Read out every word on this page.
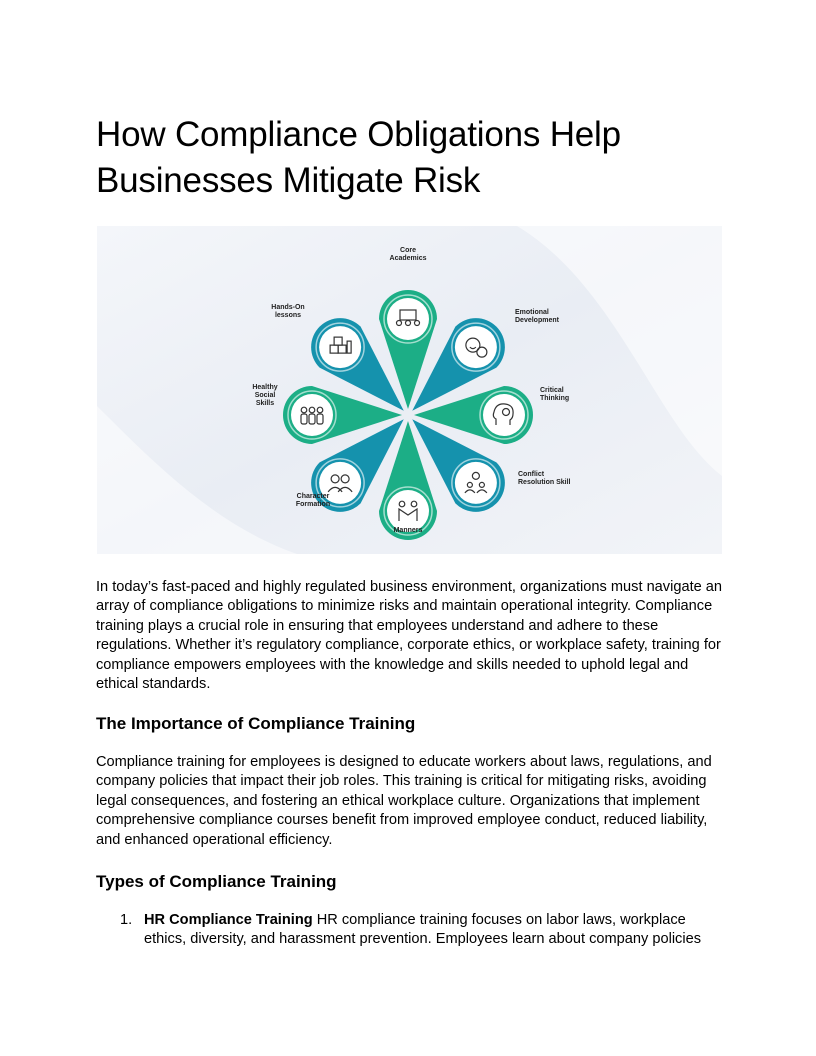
How Compliance Obligations Help Businesses Mitigate Risk
Core Academics
Emotional Development
Critical Thinking
Conflict Resolution Skill
Manners
Character Formation
Healthy Social Skills
Hands-On lessons

In today’s fast-paced and highly regulated business environment, organizations must navigate an array of compliance obligations to minimize risks and maintain operational integrity. Compliance training plays a crucial role in ensuring that employees understand and adhere to these regulations. Whether it’s regulatory compliance, corporate ethics, or workplace safety, training for compliance empowers employees with the knowledge and skills needed to uphold legal and ethical standards.

The Importance of Compliance Training

Compliance training for employees is designed to educate workers about laws, regulations, and company policies that impact their job roles. This training is critical for mitigating risks, avoiding legal consequences, and fostering an ethical workplace culture. Organizations that implement comprehensive compliance courses benefit from improved employee conduct, reduced liability, and enhanced operational efficiency.

Types of Compliance Training
1. HR Compliance Training HR compliance training focuses on labor laws, workplace ethics, diversity, and harassment prevention. Employees learn about company policies
